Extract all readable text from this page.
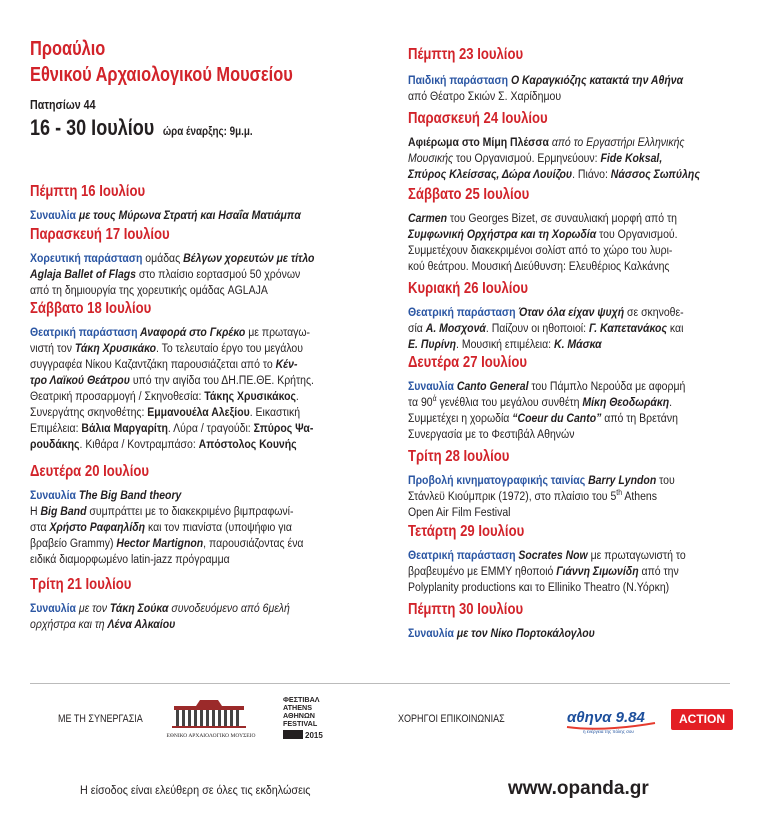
Προαύλιο
Εθνικού Αρχαιολογικού Μουσείου
Πατησίων 44
16 - 30 Ιουλίου ώρα έναρξης: 9μ.μ.
Πέμπτη 16 Ιουλίου
Συναυλία με τους Μύρωνα Στρατή και Ησαΐα Ματιάμπα
Παρασκευή 17 Ιουλίου
Χορευτική παράσταση ομάδας Βέλγων χορευτών με τίτλο
Aglaja Ballet of Flags στο πλαίσιο εορτασμού 50 χρόνων
από τη δημιουργία της χορευτικής ομάδας AGLAJA
Σάββατο 18 Ιουλίου
Θεατρική παράσταση Αναφορά στο Γκρέκο με πρωταγω-
νιστή τον Τάκη Χρυσικάκο. Το τελευταίο έργο του μεγάλου
συγγραφέα Νίκου Καζαντζάκη παρουσιάζεται από το Κέν-
τρο Λαϊκού Θεάτρου υπό την αιγίδα του ΔΗ.ΠΕ.ΘΕ. Κρήτης.
Θεατρική προσαρμογή / Σκηνοθεσία: Τάκης Χρυσικάκος.
Συνεργάτης σκηνοθέτης: Εμμανουέλα Αλεξίου. Εικαστική
Επιμέλεια: Βάλια Μαργαρίτη. Λύρα / τραγούδι: Σπύρος Ψα-
ρουδάκης. Κιθάρα / Κοντραμπάσο: Απόστολος Κουνής
Δευτέρα 20 Ιουλίου
Συναυλία The Big Band theory
Η Big Band συμπράττει με το διακεκριμένο βιμπραφωνί-
στα Χρήστο Ραφαηλίδη και τον πιανίστα (υποψήφιο για
βραβείο Grammy) Hector Martignon, παρουσιάζοντας ένα
ειδικά διαμορφωμένο latin-jazz πρόγραμμα
Τρίτη 21 Ιουλίου
Συναυλία με τον Τάκη Σούκα συνοδευόμενο από 6μελή
ορχήστρα και τη Λένα Αλκαίου
Πέμπτη 23 Ιουλίου
Παιδική παράσταση Ο Καραγκιόζης κατακτά την Αθήνα
από Θέατρο Σκιών Σ. Χαρίδημου
Παρασκευή 24 Ιουλίου
Αφιέρωμα στο Μίμη Πλέσσα από το Εργαστήρι Ελληνικής
Μουσικής του Οργανισμού. Ερμηνεύουν: Fide Koksal,
Σπύρος Κλείσσας, Δώρα Λουίζου. Πιάνο: Νάσσος Σωπύλης
Σάββατο 25 Ιουλίου
Carmen του Georges Bizet, σε συναυλιακή μορφή από τη
Συμφωνική Ορχήστρα και τη Χορωδία του Οργανισμού.
Συμμετέχουν διακεκριμένοι σολίστ από το χώρο του λυρι-
κού θεάτρου. Μουσική Διεύθυνση: Ελευθέριος Καλκάνης
Κυριακή 26 Ιουλίου
Θεατρική παράσταση Όταν όλα είχαν ψυχή σε σκηνοθε-
σία Α. Μοσχονά. Παίζουν οι ηθοποιοί: Γ. Καπετανάκος και
Ε. Πυρίνη. Μουσική επιμέλεια: Κ. Μάσκα
Δευτέρα 27 Ιουλίου
Συναυλία Canto General του Πάμπλο Νερούδα με αφορμή
τα $90^ά$ γενέθλια του μεγάλου συνθέτη Μίκη Θεοδωράκη.
Συμμετέχει η χορωδία “Coeur du Canto” από τη Βρετάνη
Συνεργασία με το Φεστιβάλ Αθηνών
Τρίτη 28 Ιουλίου
Προβολή κινηματογραφικής ταινίας Barry Lyndon του
Στάνλεϋ Κιούμπρικ (1972), στο πλαίσιο του 5th Athens
Open Air Film Festival
Τετάρτη 29 Ιουλίου
Θεατρική παράσταση Socrates Now με πρωταγωνιστή το
βραβευμένο με ΕΜΜΥ ηθοποιό Γιάννη Σιμωνίδη από την
Polyplanity productions και το Elliniko Theatro (Ν.Υόρκη)
Πέμπτη 30 Ιουλίου
Συναυλία με τον Νίκο Πορτοκάλογλου
ΜΕ ΤΗ ΣΥΝΕΡΓΑΣΙΑ
ΕΘΝΙΚΟ ΑΡΧΑΙΟΛΟΓΙΚΟ ΜΟΥΣΕΙΟ
ΦΕΣΤΙΒΑΛ
ATHENS
ΑΘΗΝΩΝ
FESTIVAL
2015
ΧΟΡΗΓΟΙ ΕΠΙΚΟΙΝΩΝΙΑΣ	αθηνα 9.84
η ενέργεια της πόλης σου
ACTION 24
Η είσοδος είναι ελεύθερη σε όλες τις εκδηλώσεις	www.opanda.gr
